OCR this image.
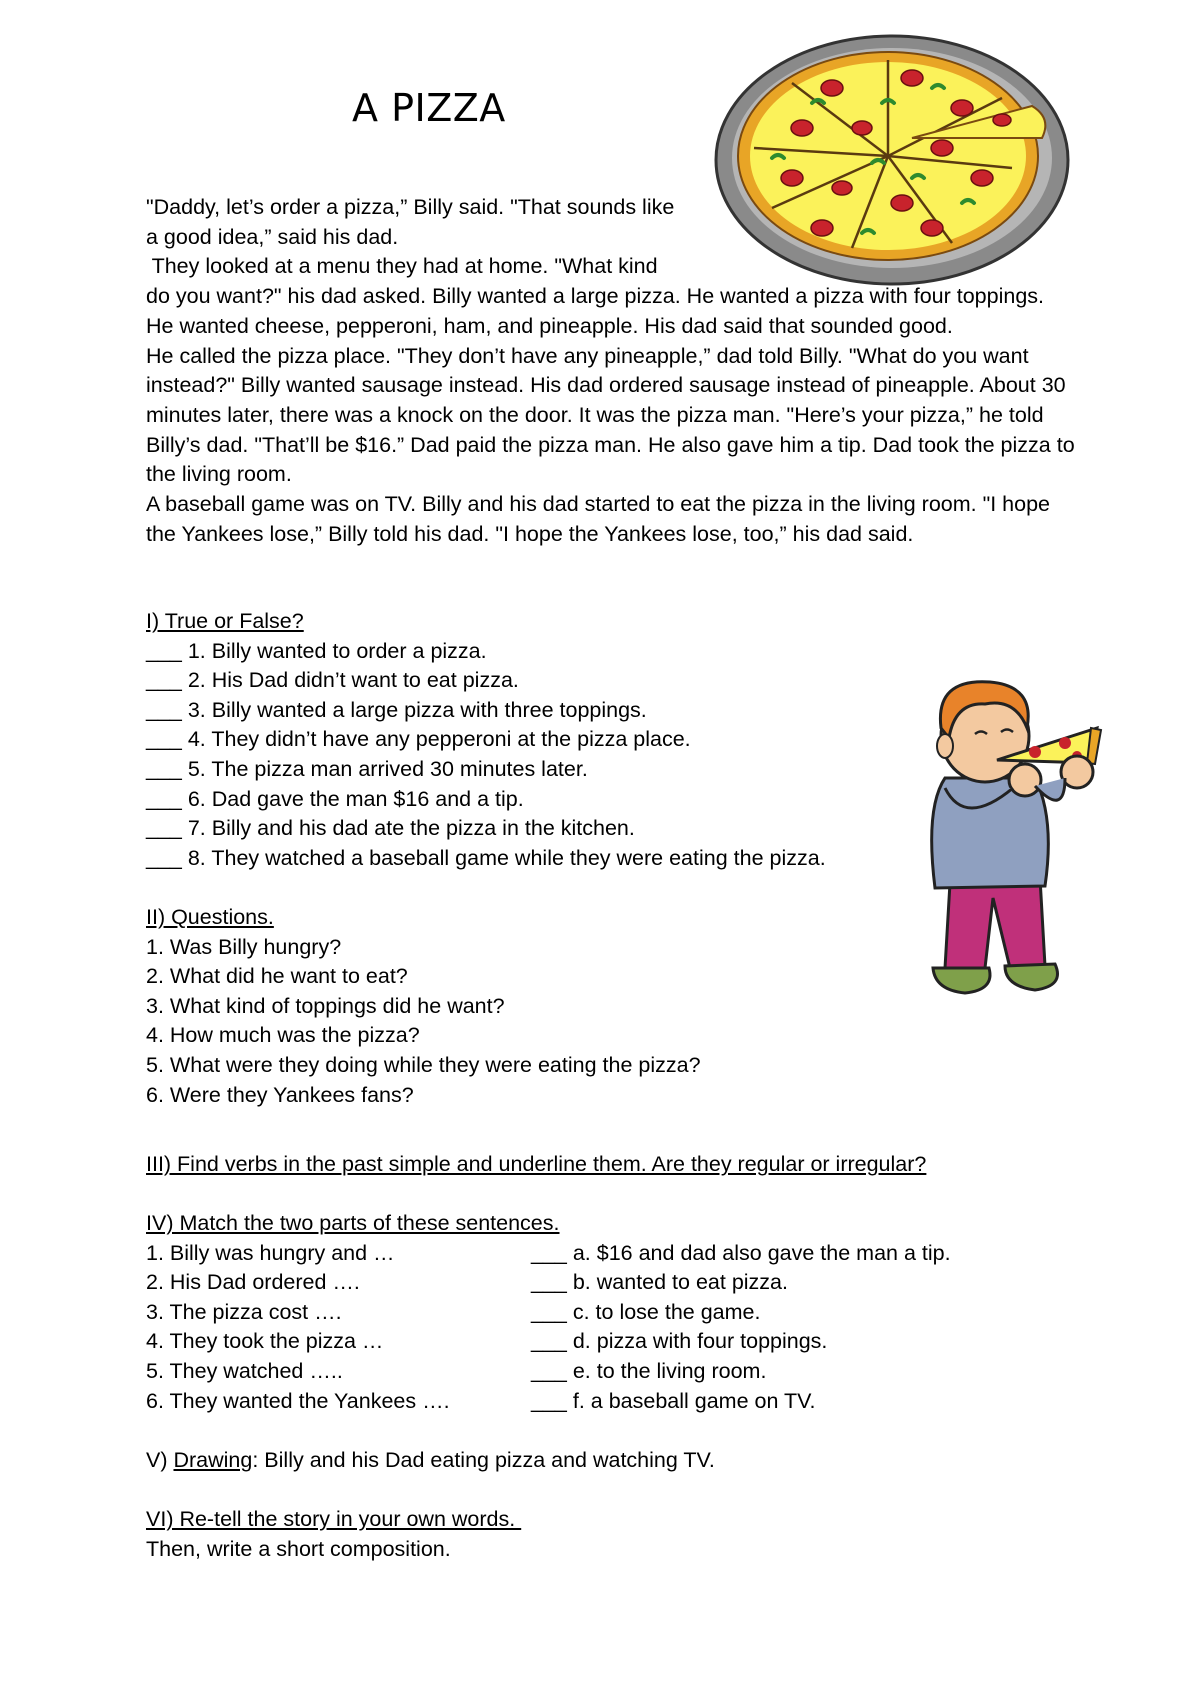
A PIZZA

"Daddy, let’s order a pizza,” Billy said. "That sounds like
a good idea,” said his dad.

They looked at a menu they had at home. "What kind
do you want?" his dad asked. Billy wanted a large pizza. He wanted a pizza with four toppings. He wanted cheese, pepperoni, ham, and pineapple. His dad said that sounded good.

He called the pizza place. "They don’t have any pineapple,” dad told Billy. "What do you want instead?" Billy wanted sausage instead. His dad ordered sausage instead of pineapple. About 30 minutes later, there was a knock on the door. It was the pizza man. "Here’s your pizza,” he told Billy’s dad. "That’ll be $16.” Dad paid the pizza man. He also gave him a tip. Dad took the pizza to the living room.

A baseball game was on TV. Billy and his dad started to eat the pizza in the living room. "I hope the Yankees lose,” Billy told his dad. "I hope the Yankees lose, too,” his dad said.

I) True or False?
___ 1. Billy wanted to order a pizza.
___ 2. His Dad didn’t want to eat pizza.
___ 3. Billy wanted a large pizza with three toppings.
___ 4. They didn’t have any pepperoni at the pizza place.
___ 5. The pizza man arrived 30 minutes later.
___ 6. Dad gave the man $16 and a tip.
___ 7. Billy and his dad ate the pizza in the kitchen.
___ 8. They watched a baseball game while they were eating the pizza.
II) Questions.
1. Was Billy hungry?
2. What did he want to eat?
3. What kind of toppings did he want?
4. How much was the pizza?
5. What were they doing while they were eating the pizza?
6. Were they Yankees fans?
III) Find verbs in the past simple and underline them. Are they regular or irregular?
IV) Match the two parts of these sentences.
1. Billy was hungry and …	___ a. $16 and dad also gave the man a tip.
2. His Dad ordered ….	___ b. wanted to eat pizza.
3. The pizza cost ….	___ c. to lose the game.
4. They took the pizza …	___ d. pizza with four toppings.
5. They watched …..	___ e. to the living room.
6. They wanted the Yankees ….	___ f. a baseball game on TV.
V) Drawing: Billy and his Dad eating pizza and watching TV.
VI) Re-tell the story in your own words.
Then, write a short composition.
